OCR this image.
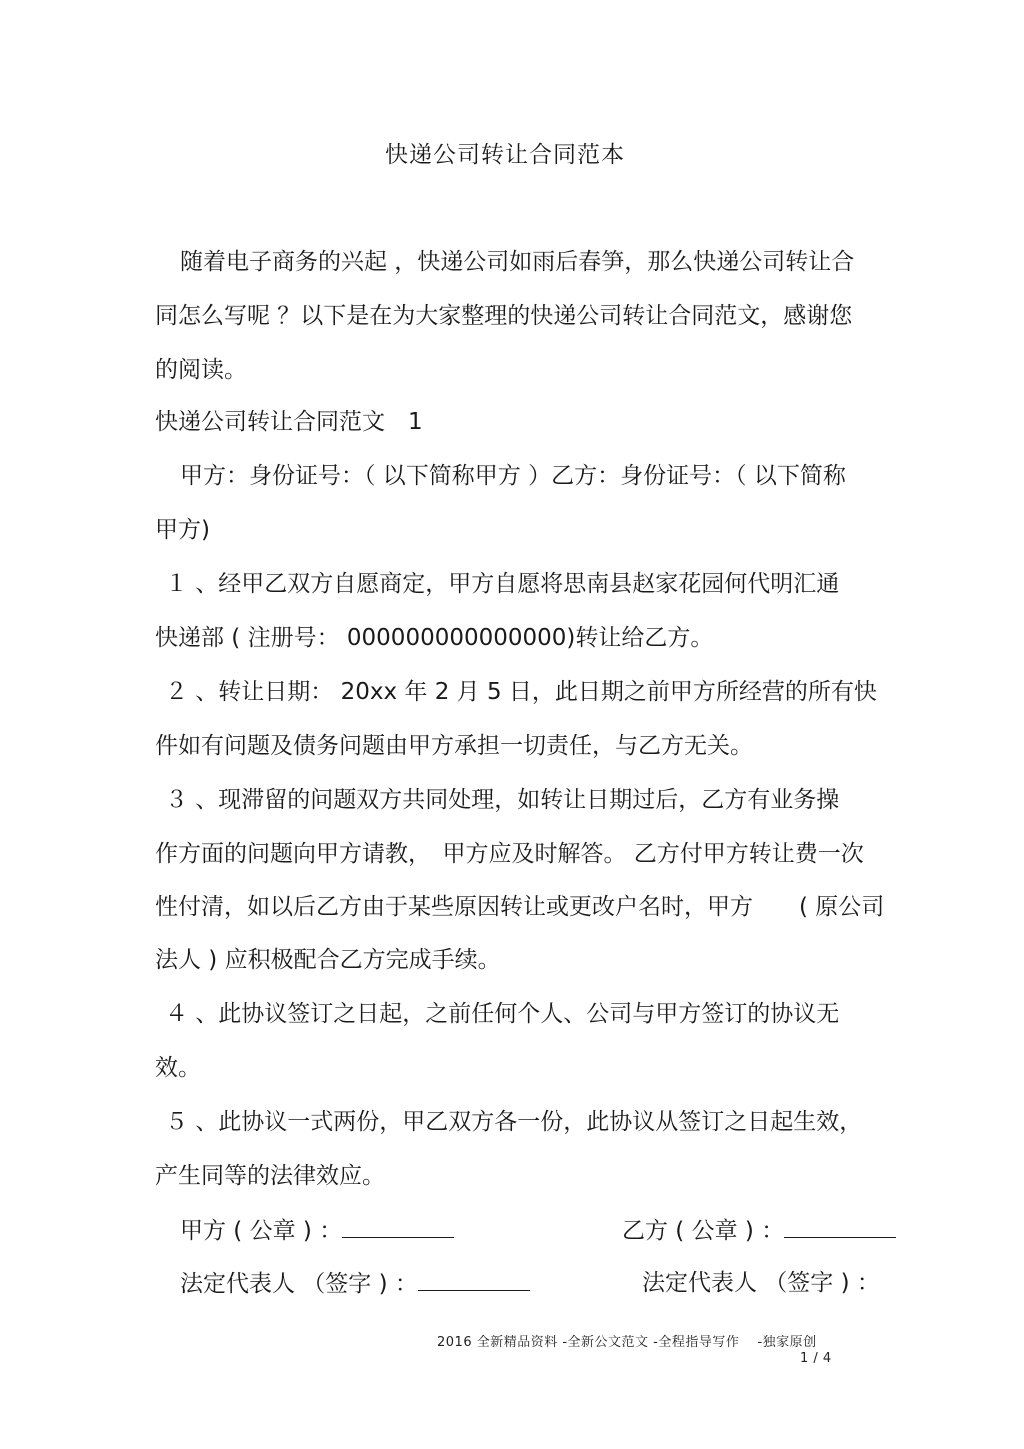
快递公司转让合同范本
随着电子商务的兴起 ，快递公司如雨后春笋，那么快递公司转让合
同怎么写呢 ？以下是在为大家整理的快递公司转让合同范文，感谢您
的阅读。
快递公司转让合同范文　1
甲方：身份证号：（ 以下简称甲方 ）乙方：身份证号：（ 以下简称
甲方)
１ 、经甲乙双方自愿商定，甲方自愿将思南县赵家花园何代明汇通
快递部 ( 注册号： 000000000000000)转让给乙方。
２ 、转让日期： 20xx 年 2 月 5 日，此日期之前甲方所经营的所有快
件如有问题及债务问题由甲方承担一切责任，与乙方无关。
３ 、现滞留的问题双方共同处理，如转让日期过后，乙方有业务操
作方面的问题向甲方请教，　甲方应及时解答。 乙方付甲方转让费一次
性付清，如以后乙方由于某些原因转让或更改户名时，甲方　　( 原公司
法人 ) 应积极配合乙方完成手续。
４ 、此协议签订之日起，之前任何个人、公司与甲方签订的协议无
效。
５ 、此协议一式两份，甲乙双方各一份，此协议从签订之日起生效，
产生同等的法律效应。
甲方 ( 公章 ) ：	乙方 ( 公章 ) ：
法定代表人 （签字 ) ：	法定代表人 （签字 ) ：
2016 全新精品资料 -全新公文范文 -全程指导写作　 -独家原创
1 / 4
